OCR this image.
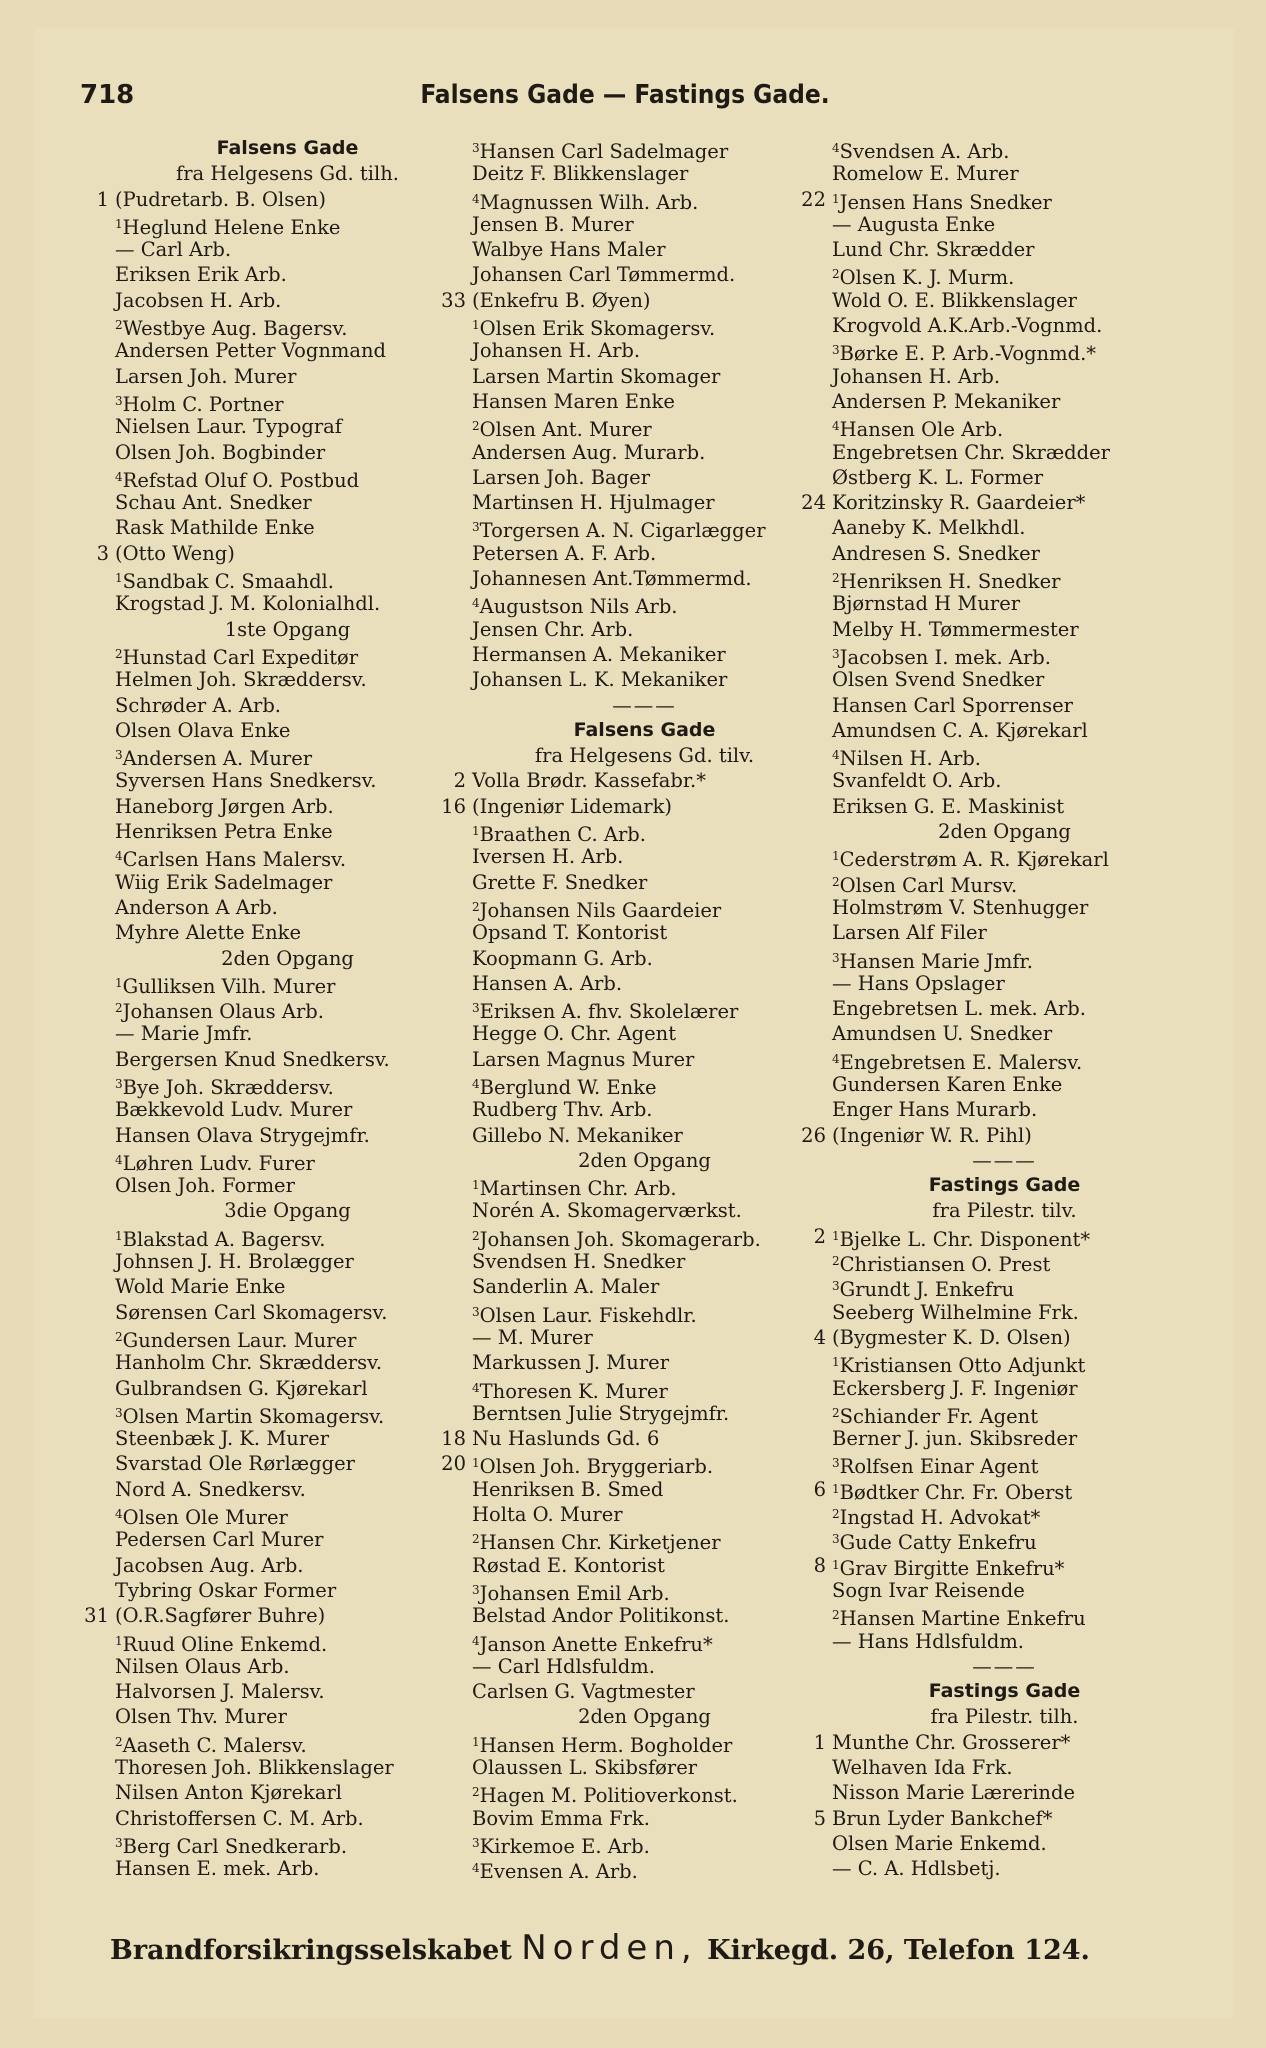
718	Falsens Gade — Fastings Gade.
Falsens Gade
fra Helgesens Gd. tilh.
1 (Pudretarb. B. Olsen)
$^1$Heglund Helene Enke
— Carl Arb.
Eriksen Erik Arb.
Jacobsen H. Arb.
$^2$Westbye Aug. Bagersv.
Andersen Petter Vognmand
Larsen Joh. Murer
$^3$Holm C. Portner
Nielsen Laur. Typograf
Olsen Joh. Bogbinder
$^4$Refstad Oluf O. Postbud
Schau Ant. Snedker
Rask Mathilde Enke
3 (Otto Weng)
$^1$Sandbak C. Smaahdl.
Krogstad J. M. Kolonialhdl.
1ste Opgang
$^2$Hunstad Carl Expeditør
Helmen Joh. Skræddersv.
Schrøder A. Arb.
Olsen Olava Enke
$^3$Andersen A. Murer
Syversen Hans Snedkersv.
Haneborg Jørgen Arb.
Henriksen Petra Enke
$^4$Carlsen Hans Malersv.
Wiig Erik Sadelmager
Anderson A Arb.
Myhre Alette Enke
2den Opgang
$^1$Gulliksen Vilh. Murer
$^2$Johansen Olaus Arb.
— Marie Jmfr.
Bergersen Knud Snedkersv.
$^3$Bye Joh. Skræddersv.
Bækkevold Ludv. Murer
Hansen Olava Strygejmfr.
$^4$Løhren Ludv. Furer
Olsen Joh. Former
3die Opgang
$^1$Blakstad A. Bagersv.
Johnsen J. H. Brolægger
Wold Marie Enke
Sørensen Carl Skomagersv.
$^2$Gundersen Laur. Murer
Hanholm Chr. Skræddersv.
Gulbrandsen G. Kjørekarl
$^3$Olsen Martin Skomagersv.
Steenbæk J. K. Murer
Svarstad Ole Rørlægger
Nord A. Snedkersv.
$^4$Olsen Ole Murer
Pedersen Carl Murer
Jacobsen Aug. Arb.
Tybring Oskar Former
31 (O.R.Sagfører Buhre)
$^1$Ruud Oline Enkemd.
Nilsen Olaus Arb.
Halvorsen J. Malersv.
Olsen Thv. Murer
$^2$Aaseth C. Malersv.
Thoresen Joh. Blikkenslager
Nilsen Anton Kjørekarl
Christoffersen C. M. Arb.
$^3$Berg Carl Snedkerarb.
Hansen E. mek. Arb.
$^3$Hansen Carl Sadelmager
Deitz F. Blikkenslager
$^4$Magnussen Wilh. Arb.
Jensen B. Murer
Walbye Hans Maler
Johansen Carl Tømmermd.
33 (Enkefru B. Øyen)
$^1$Olsen Erik Skomagersv.
Johansen H. Arb.
Larsen Martin Skomager
Hansen Maren Enke
$^2$Olsen Ant. Murer
Andersen Aug. Murarb.
Larsen Joh. Bager
Martinsen H. Hjulmager
$^3$Torgersen A. N. Cigarlægger
Petersen A. F. Arb.
Johannesen Ant.Tømmermd.
$^4$Augustson Nils Arb.
Jensen Chr. Arb.
Hermansen A. Mekaniker
Johansen L. K. Mekaniker
———
Falsens Gade
fra Helgesens Gd. tilv.
2 Volla Brødr. Kassefabr.*
16 (Ingeniør Lidemark)
$^1$Braathen C. Arb.
Iversen H. Arb.
Grette F. Snedker
$^2$Johansen Nils Gaardeier
Opsand T. Kontorist
Koopmann G. Arb.
Hansen A. Arb.
$^3$Eriksen A. fhv. Skolelærer
Hegge O. Chr. Agent
Larsen Magnus Murer
$^4$Berglund W. Enke
Rudberg Thv. Arb.
Gillebo N. Mekaniker
2den Opgang
$^1$Martinsen Chr. Arb.
Norén A. Skomagerværkst.
$^2$Johansen Joh. Skomagerarb.
Svendsen H. Snedker
Sanderlin A. Maler
$^3$Olsen Laur. Fiskehdlr.
— M. Murer
Markussen J. Murer
$^4$Thoresen K. Murer
Berntsen Julie Strygejmfr.
18 Nu Haslunds Gd. 6
20 $^1$Olsen Joh. Bryggeriarb.
Henriksen B. Smed
Holta O. Murer
$^2$Hansen Chr. Kirketjener
Røstad E. Kontorist
$^3$Johansen Emil Arb.
Belstad Andor Politikonst.
$^4$Janson Anette Enkefru*
— Carl Hdlsfuldm.
Carlsen G. Vagtmester
2den Opgang
$^1$Hansen Herm. Bogholder
Olaussen L. Skibsfører
$^2$Hagen M. Politioverkonst.
Bovim Emma Frk.
$^3$Kirkemoe E. Arb.
$^4$Evensen A. Arb.
$^4$Svendsen A. Arb.
Romelow E. Murer
22 $^1$Jensen Hans Snedker
— Augusta Enke
Lund Chr. Skrædder
$^2$Olsen K. J. Murm.
Wold O. E. Blikkenslager
Krogvold A.K.Arb.-Vognmd.
$^3$Børke E. P. Arb.-Vognmd.*
Johansen H. Arb.
Andersen P. Mekaniker
$^4$Hansen Ole Arb.
Engebretsen Chr. Skrædder
Østberg K. L. Former
24 Koritzinsky R. Gaardeier*
Aaneby K. Melkhdl.
Andresen S. Snedker
$^2$Henriksen H. Snedker
Bjørnstad H Murer
Melby H. Tømmermester
$^3$Jacobsen I. mek. Arb.
Olsen Svend Snedker
Hansen Carl Sporrenser
Amundsen C. A. Kjørekarl
$^4$Nilsen H. Arb.
Svanfeldt O. Arb.
Eriksen G. E. Maskinist
2den Opgang
$^1$Cederstrøm A. R. Kjørekarl
$^2$Olsen Carl Mursv.
Holmstrøm V. Stenhugger
Larsen Alf Filer
$^3$Hansen Marie Jmfr.
— Hans Opslager
Engebretsen L. mek. Arb.
Amundsen U. Snedker
$^4$Engebretsen E. Malersv.
Gundersen Karen Enke
Enger Hans Murarb.
26 (Ingeniør W. R. Pihl)
———
Fastings Gade
fra Pilestr. tilv.
2 $^1$Bjelke L. Chr. Disponent*
$^2$Christiansen O. Prest
$^3$Grundt J. Enkefru
Seeberg Wilhelmine Frk.
4 (Bygmester K. D. Olsen)
$^1$Kristiansen Otto Adjunkt
Eckersberg J. F. Ingeniør
$^2$Schiander Fr. Agent
Berner J. jun. Skibsreder
$^3$Rolfsen Einar Agent
6 $^1$Bødtker Chr. Fr. Oberst
$^2$Ingstad H. Advokat*
$^3$Gude Catty Enkefru
8 $^1$Grav Birgitte Enkefru*
Sogn Ivar Reisende
$^2$Hansen Martine Enkefru
— Hans Hdlsfuldm.
———
Fastings Gade
fra Pilestr. tilh.
1 Munthe Chr. Grosserer*
Welhaven Ida Frk.
Nisson Marie Lærerinde
5 Brun Lyder Bankchef*
Olsen Marie Enkemd.
— C. A. Hdlsbetj.
Brandforsikringsselskabet Norden, Kirkegd. 26, Telefon 124.
